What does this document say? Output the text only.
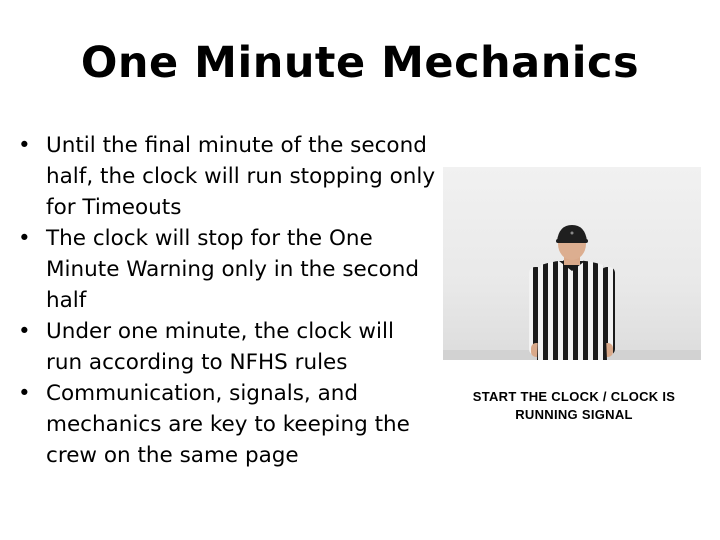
One Minute Mechanics
• Until the final minute of the second half, the clock will run stopping only for Timeouts
• The clock will stop for the One Minute Warning only in the second half
• Under one minute, the clock will run according to NFHS rules
• Communication, signals, and mechanics are key to keeping the crew on the same page
START THE CLOCK / CLOCK IS
RUNNING SIGNAL
